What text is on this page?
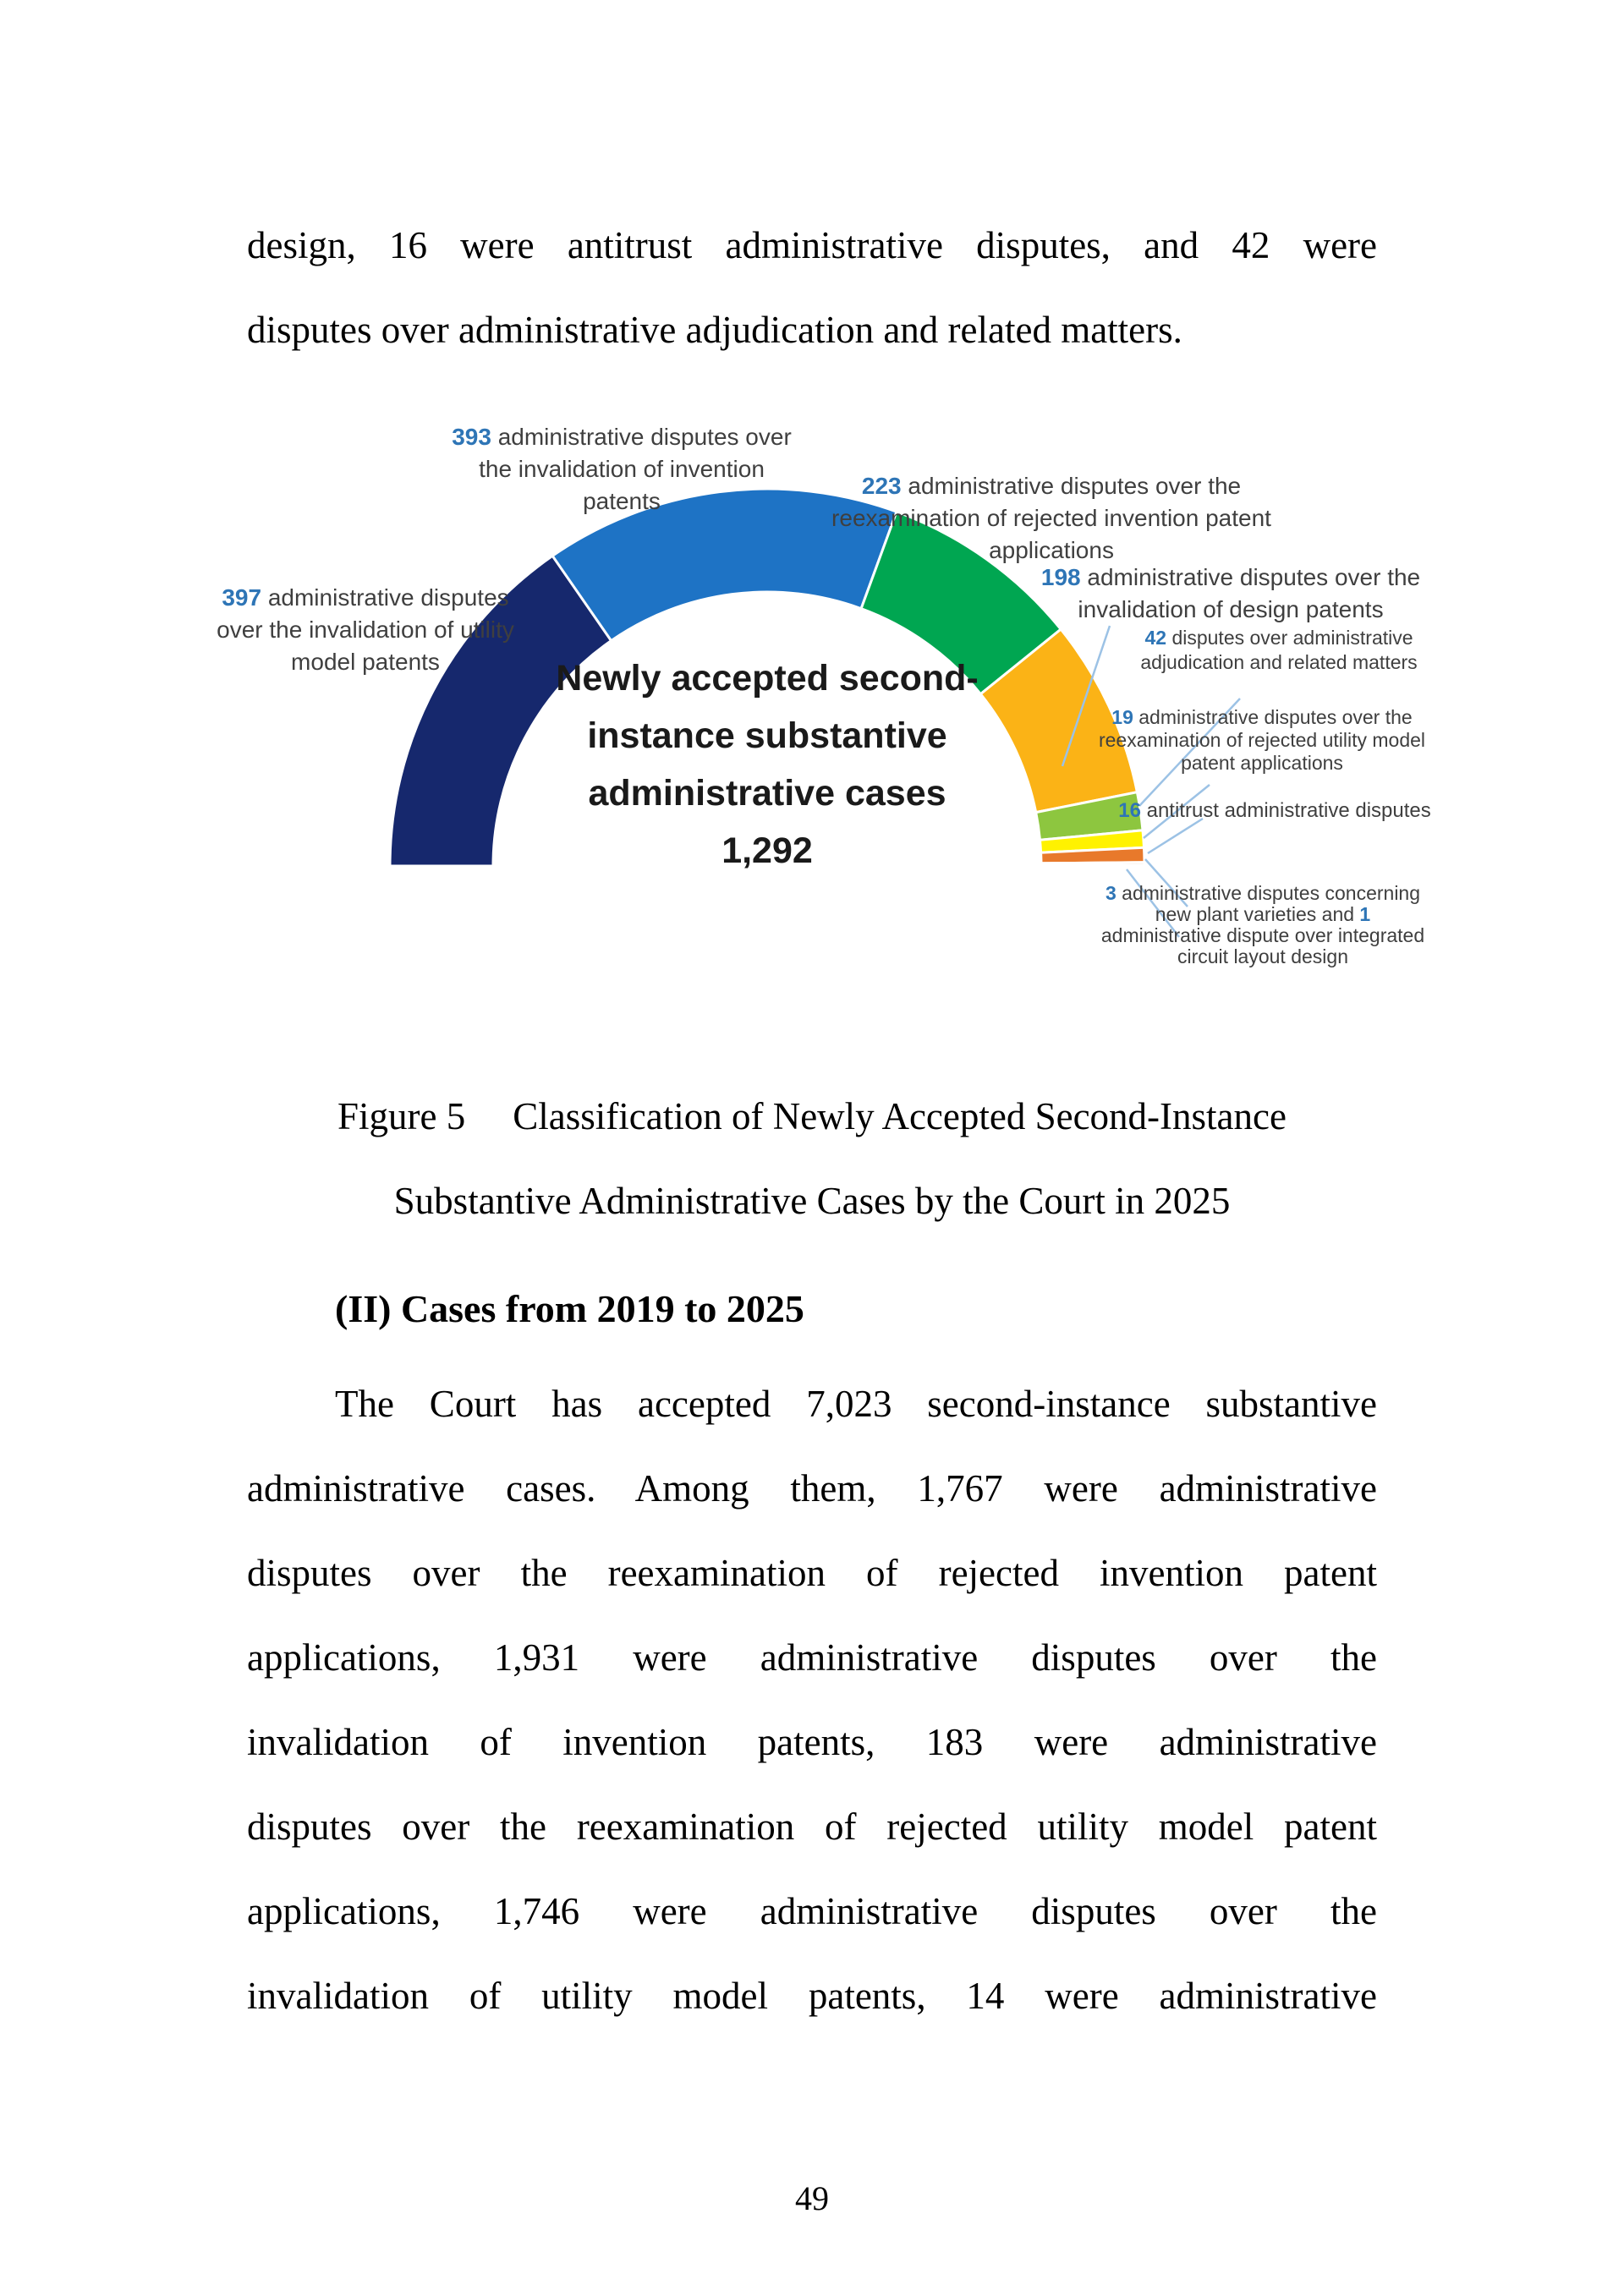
design, 16 were antitrust administrative disputes, and 42 were
disputes over administrative adjudication and related matters.
393 administrative disputes over the invalidation of invention patents
223 administrative disputes over the reexamination of rejected invention patent applications
198 administrative disputes over the invalidation of design patents
42 disputes over administrative adjudication and related matters
19 administrative disputes over the reexamination of rejected utility model patent applications
16 antitrust administrative disputes
3 administrative disputes concerning new plant varieties and 1 administrative dispute over integrated circuit layout design
397 administrative disputes over the invalidation of utility model patents	Newly accepted second-
instance substantive
administrative cases
1,292
Figure 5 Classification of Newly Accepted Second-Instance
Substantive Administrative Cases by the Court in 2025
(II) Cases from 2019 to 2025
The Court has accepted 7,023 second-instance substantive
administrative cases. Among them, 1,767 were administrative
disputes over the reexamination of rejected invention patent
applications, 1,931 were administrative disputes over the
invalidation of invention patents, 183 were administrative
disputes over the reexamination of rejected utility model patent
applications, 1,746 were administrative disputes over the
invalidation of utility model patents, 14 were administrative
49
